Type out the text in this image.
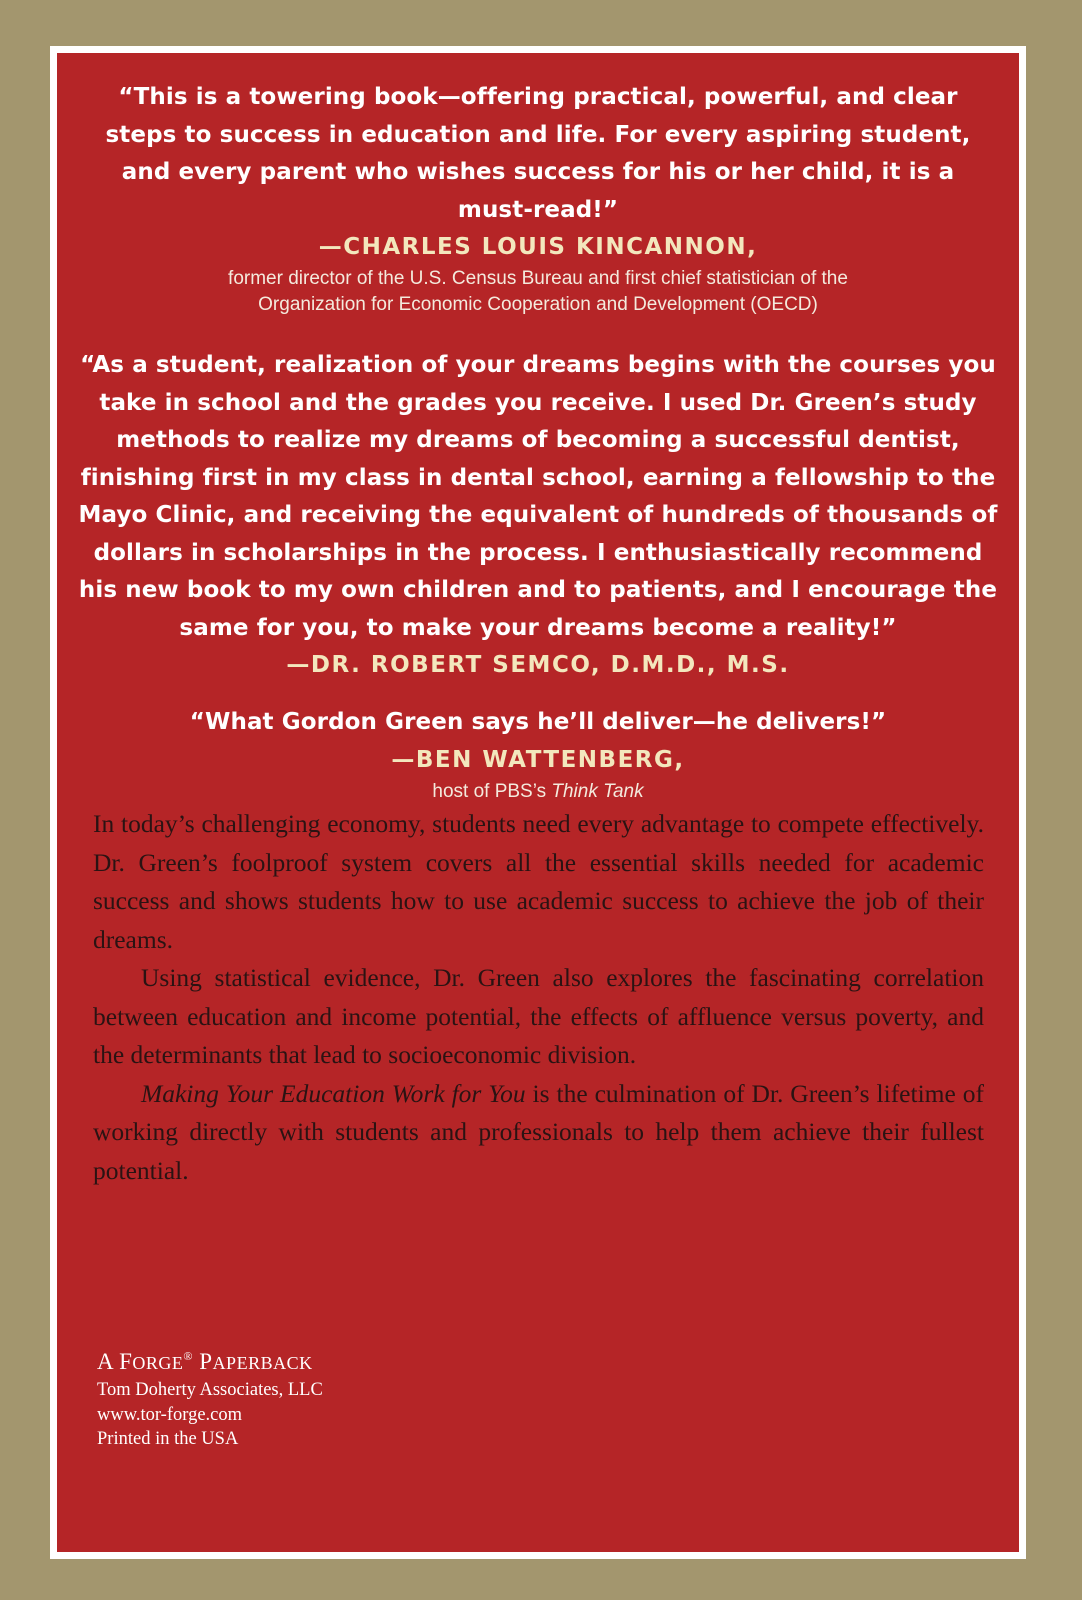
“This is a towering book—offering practical, powerful, and clear steps to success in education and life. For every aspiring student, and every parent who wishes success for his or her child, it is a must-read!”

—CHARLES LOUIS KINCANNON,

former director of the U.S. Census Bureau and first chief statistician of the
Organization for Economic Cooperation and Development (OECD)

“As a student, realization of your dreams begins with the courses you take in school and the grades you receive. I used Dr. Green’s study methods to realize my dreams of becoming a successful dentist, finishing first in my class in dental school, earning a fellowship to the Mayo Clinic, and receiving the equivalent of hundreds of thousands of dollars in scholarships in the process. I enthusiastically recommend his new book to my own children and to patients, and I encourage the same for you, to make your dreams become a reality!”

—DR. ROBERT SEMCO, D.M.D., M.S.

“What Gordon Green says he’ll deliver—he delivers!”

—BEN WATTENBERG,

host of PBS’s Think Tank

In today’s challenging economy, students need every advantage to compete effectively. Dr. Green’s foolproof system covers all the essential skills needed for academic success and shows students how to use academic success to achieve the job of their dreams.

Using statistical evidence, Dr. Green also explores the fascinating correlation between education and income potential, the effects of affluence versus poverty, and the determinants that lead to socioeconomic division.

Making Your Education Work for You is the culmination of Dr. Green’s lifetime of working directly with students and professionals to help them achieve their fullest potential.

A FORGE® PAPERBACK
Tom Doherty Associates, LLC
www.tor-forge.com
Printed in the USA
